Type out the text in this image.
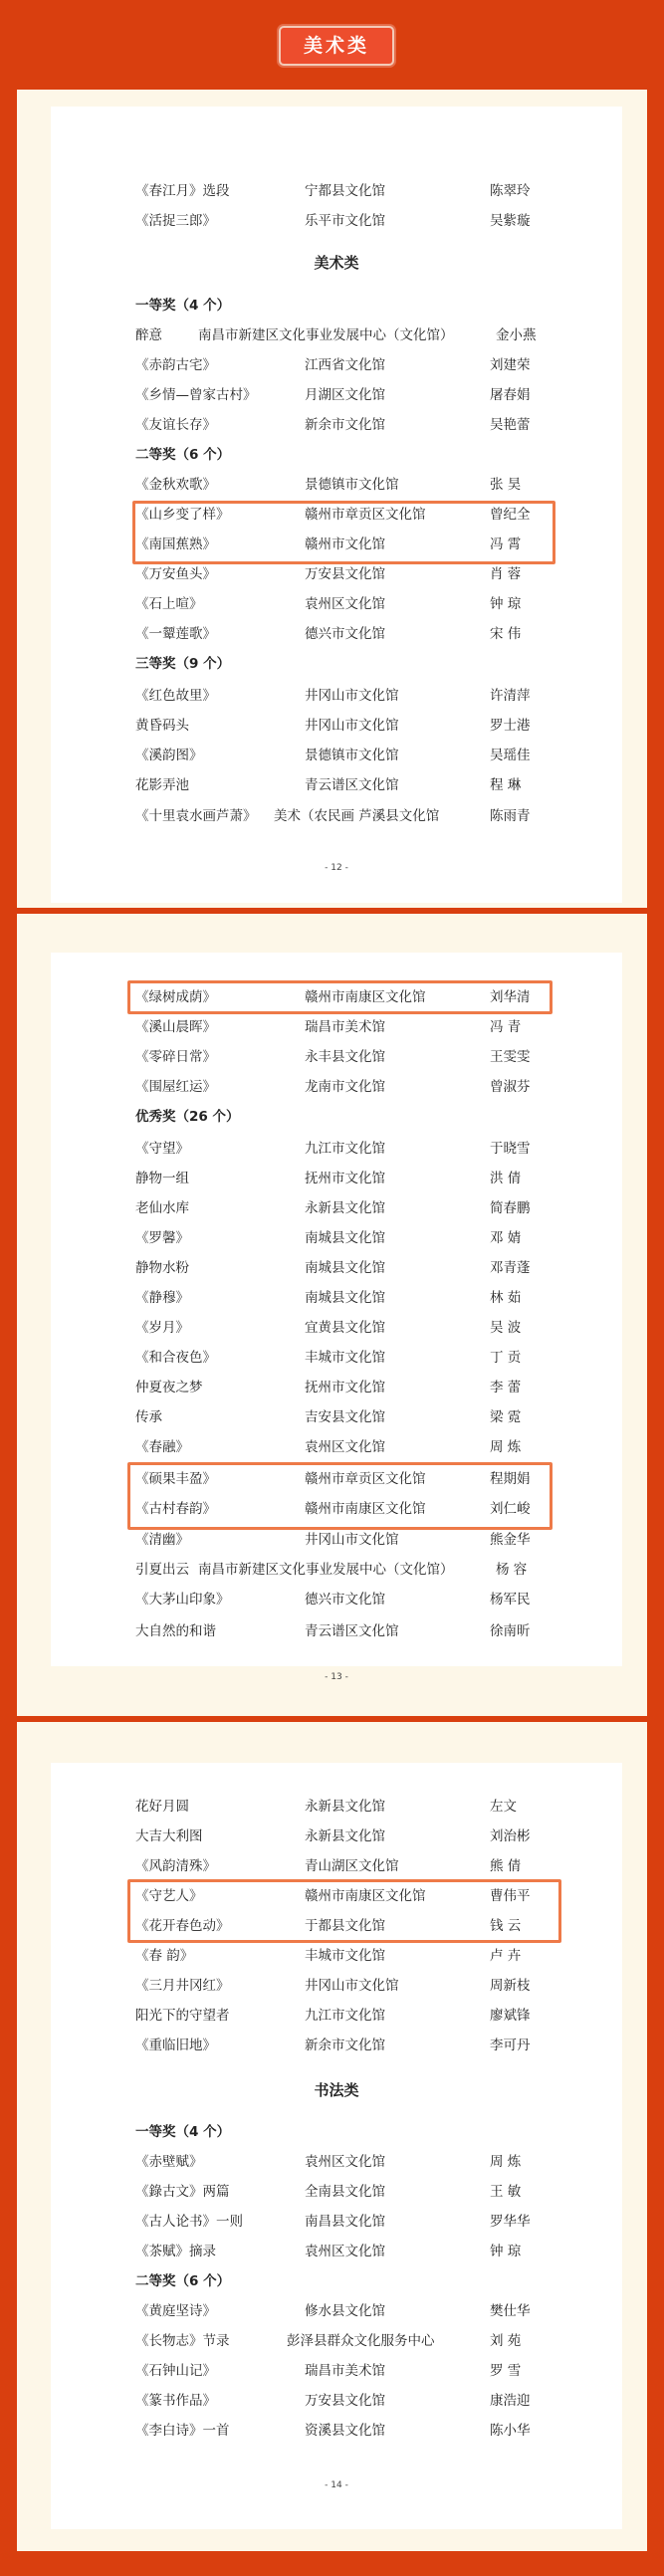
美术类
美术类
书法类
- 12 -
- 13 -
- 14 -
《春江月》选段	宁都县文化馆	陈翠玲
《活捉三郎》	乐平市文化馆	吴紫璇
一等奖（4 个）
醉意	南昌市新建区文化事业发展中心（文化馆）	金小燕
《赤韵古宅》	江西省文化馆	刘建荣
《乡情—曾家古村》	月湖区文化馆	屠春娟
《友谊长存》	新余市文化馆	吴艳蕾
二等奖（6 个）
《金秋欢歌》	景德镇市文化馆	张 昊
《山乡变了样》	赣州市章贡区文化馆	曾纪全
《南国蕉熟》	赣州市文化馆	冯 霄
《万安鱼头》	万安县文化馆	肖 蓉
《石上喧》	袁州区文化馆	钟 琼
《一颦莲歌》	德兴市文化馆	宋 伟
三等奖（9 个）
《红色故里》	井冈山市文化馆	许清萍
黄昏码头	井冈山市文化馆	罗士港
《溪韵图》	景德镇市文化馆	吴瑶佳
花影弄池	青云谱区文化馆	程 琳
《十里袁水画芦萧》 美术（农民画 芦溪县文化馆	陈雨青
《绿树成荫》	赣州市南康区文化馆	刘华清
《溪山晨晖》	瑞昌市美术馆	冯 青
《零碎日常》	永丰县文化馆	王雯雯
《围屋红运》	龙南市文化馆	曾淑芬
优秀奖（26 个）
《守望》	九江市文化馆	于晓雪
静物一组	抚州市文化馆	洪 倩
老仙水库	永新县文化馆	简春鹏
《罗馨》	南城县文化馆	邓 婧
静物水粉	南城县文化馆	邓青蓬
《静穆》	南城县文化馆	林 茹
《岁月》	宜黄县文化馆	吴 波
《和合夜色》	丰城市文化馆	丁 贡
仲夏夜之梦	抚州市文化馆	李 蕾
传承	吉安县文化馆	梁 霓
《春融》	袁州区文化馆	周 炼
《硕果丰盈》	赣州市章贡区文化馆	程期娟
《古村春韵》	赣州市南康区文化馆	刘仁峻
《清幽》	井冈山市文化馆	熊金华
引夏出云 南昌市新建区文化事业发展中心（文化馆）	杨 容
《大茅山印象》	德兴市文化馆	杨军民
大自然的和谐	青云谱区文化馆	徐南昕
花好月圆	永新县文化馆	左文
大吉大利图	永新县文化馆	刘治彬
《风韵清殊》	青山湖区文化馆	熊 倩
《守艺人》	赣州市南康区文化馆	曹伟平
《花开春色动》	于都县文化馆	钱 云
《春 韵》	丰城市文化馆	卢 卉
《三月井冈红》	井冈山市文化馆	周新枝
阳光下的守望者	九江市文化馆	廖斌锋
《重临旧地》	新余市文化馆	李可丹
一等奖（4 个）
《赤壁赋》	袁州区文化馆	周 炼
《錄古文》两篇	全南县文化馆	王 敏
《古人论书》一则	南昌县文化馆	罗华华
《茶赋》摘录	袁州区文化馆	钟 琼
二等奖（6 个）
《黄庭坚诗》	修水县文化馆	樊仕华
《长物志》节录	彭泽县群众文化服务中心	刘 苑
《石钟山记》	瑞昌市美术馆	罗 雪
《篆书作品》	万安县文化馆	康浩迎
《李白诗》一首	资溪县文化馆	陈小华
